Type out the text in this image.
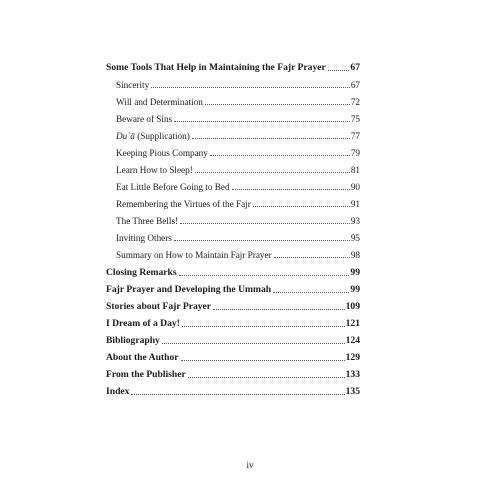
Some Tools That Help in Maintaining the Fajr Prayer	67
Sincerity	67
Will and Determination	72
Beware of Sins	75
Du`ā (Supplication)	77
Keeping Pious Company	79
Learn How to Sleep!	81
Eat Little Before Going to Bed	90
Remembering the Virtues of the Fajr	91
The Three Bells!	93
Inviting Others	95
Summary on How to Maintain Fajr Prayer	98
Closing Remarks	99
Fajr Prayer and Developing the Ummah	99
Stories about Fajr Prayer	109
I Dream of a Day!	121
Bibliography	124
About the Author	129
From the Publisher	133
Index	135
iv
